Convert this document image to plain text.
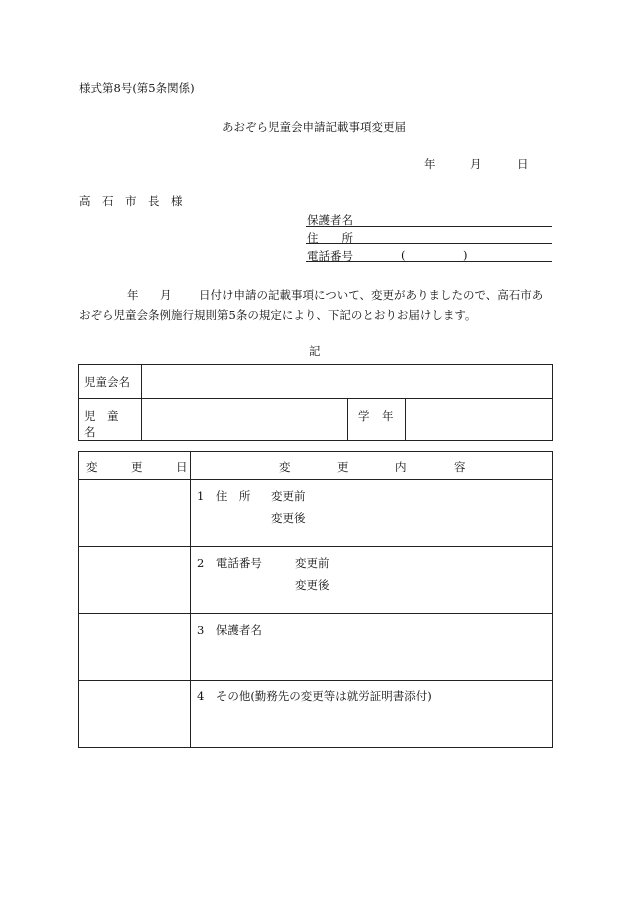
様式第8号(第5条関係)
あおぞら児童会申請記載事項変更届
年	月	日
高　石　市　長　様
保護者名
住　　所
電話番号	(	)
年 月 日付け申請の記載事項について、変更がありましたので、高石市あ
おぞら児童会条例施行規則第5条の規定により、下記のとおりお届けします。
記
児童会名			
児　童　名		学 年	

変 更 日	変 更 内 容

	1　住　所 変更前
変更後

	2　電話番号 変更前
変更後

	3　保護者名

	4　その他(勤務先の変更等は就労証明書添付)
